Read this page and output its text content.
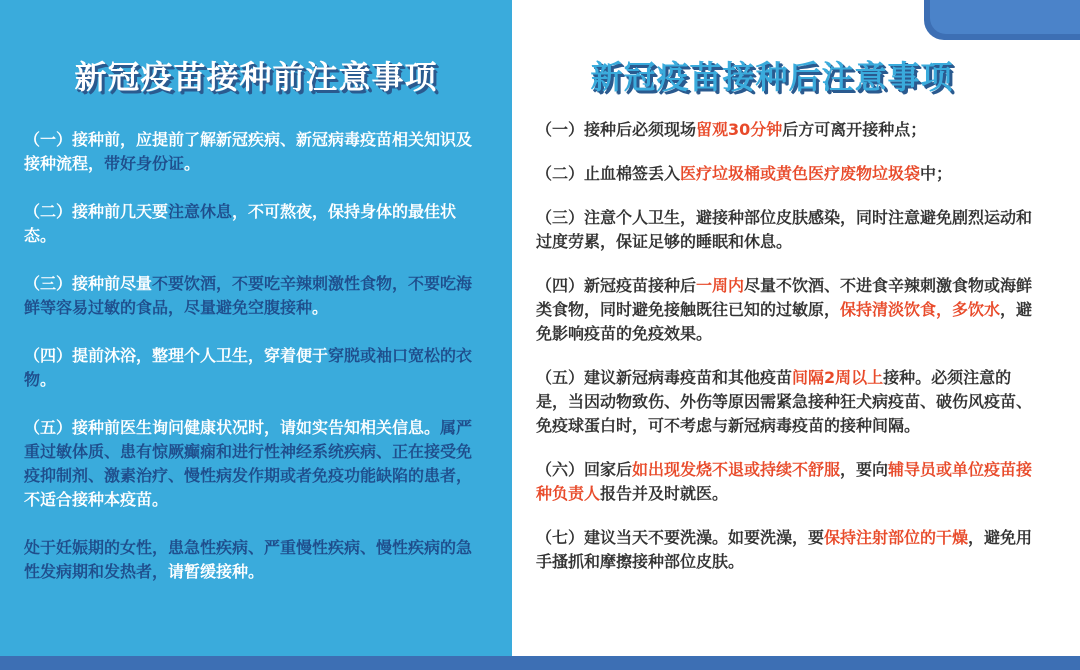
新冠疫苗接种前注意事项	新冠疫苗接种后注意事项

（一）接种前，应提前了解新冠疾病、新冠病毒疫苗相关知识及接种流程，带好身份证。

（二）接种前几天要注意休息，不可熬夜，保持身体的最佳状态。

（三）接种前尽量不要饮酒，不要吃辛辣刺激性食物，不要吃海鲜等容易过敏的食品，尽量避免空腹接种。

（四）提前沐浴，整理个人卫生，穿着便于穿脱或袖口宽松的衣物。

（五）接种前医生询问健康状况时，请如实告知相关信息。属严重过敏体质、患有惊厥癫痫和进行性神经系统疾病、正在接受免疫抑制剂、激素治疗、慢性病发作期或者免疫功能缺陷的患者，不适合接种本疫苗。

处于妊娠期的女性，患急性疾病、严重慢性疾病、慢性疾病的急性发病期和发热者，请暂缓接种。

（一）接种后必须现场留观30分钟后方可离开接种点；

（二）止血棉签丢入医疗垃圾桶或黄色医疗废物垃圾袋中；

（三）注意个人卫生，避接种部位皮肤感染，同时注意避免剧烈运动和过度劳累，保证足够的睡眠和休息。

（四）新冠疫苗接种后一周内尽量不饮酒、不进食辛辣刺激食物或海鲜类食物，同时避免接触既往已知的过敏原，保持清淡饮食，多饮水，避免影响疫苗的免疫效果。

（五）建议新冠病毒疫苗和其他疫苗间隔2周以上接种。必须注意的是，当因动物致伤、外伤等原因需紧急接种狂犬病疫苗、破伤风疫苗、免疫球蛋白时，可不考虑与新冠病毒疫苗的接种间隔。

（六）回家后如出现发烧不退或持续不舒服，要向辅导员或单位疫苗接种负责人报告并及时就医。

（七）建议当天不要洗澡。如要洗澡，要保持注射部位的干燥，避免用手搔抓和摩擦接种部位皮肤。
